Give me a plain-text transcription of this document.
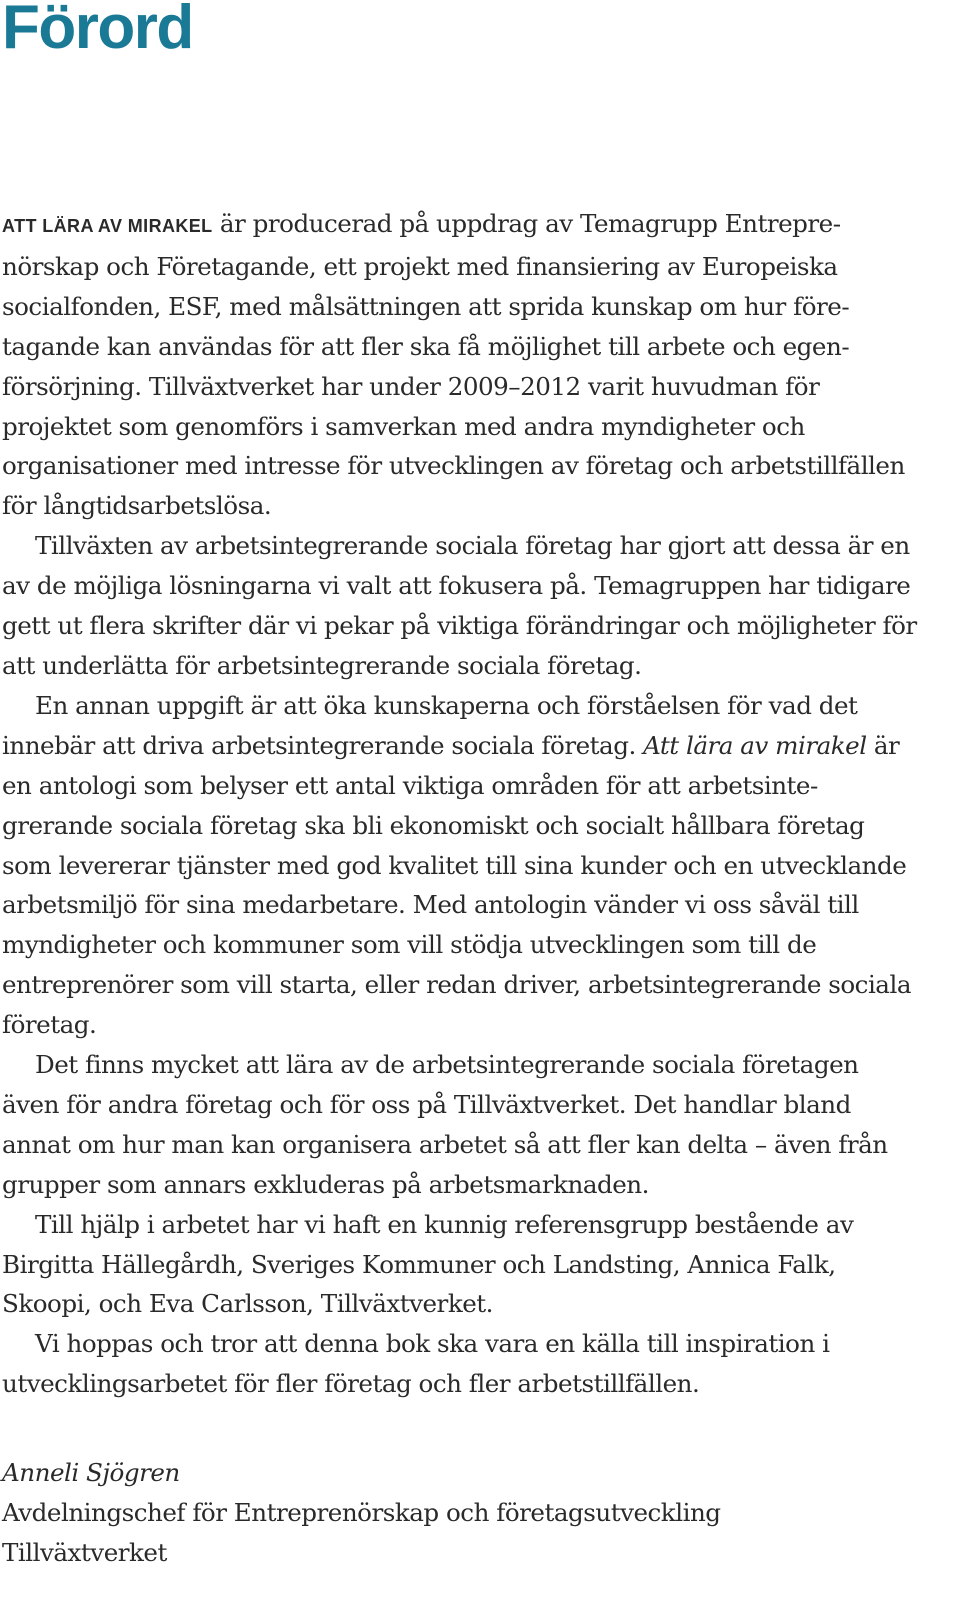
Förord

ATT LÄRA AV MIRAKEL är producerad på uppdrag av Temagrupp Entreprenörskap och Företagande, ett projekt med finansiering av Europeiska socialfonden, ESF, med målsättningen att sprida kunskap om hur företagande kan användas för att fler ska få möjlighet till arbete och egenförsörjning. Tillväxtverket har under 2009–2012 varit huvudman för projektet som genomförs i samverkan med andra myndigheter och organisationer med intresse för utvecklingen av företag och arbetstillfällen för långtidsarbetslösa.

Tillväxten av arbetsintegrerande sociala företag har gjort att dessa är en av de möjliga lösningarna vi valt att fokusera på. Temagruppen har tidigare gett ut flera skrifter där vi pekar på viktiga förändringar och möjligheter för att underlätta för arbetsintegrerande sociala företag.

En annan uppgift är att öka kunskaperna och förståelsen för vad det innebär att driva arbetsintegrerande sociala företag. Att lära av mirakel är en antologi som belyser ett antal viktiga områden för att arbetsintegrerande sociala företag ska bli ekonomiskt och socialt hållbara företag som levererar tjänster med god kvalitet till sina kunder och en utvecklande arbetsmiljö för sina medarbetare. Med antologin vänder vi oss såväl till myndigheter och kommuner som vill stödja utvecklingen som till de entreprenörer som vill starta, eller redan driver, arbetsintegrerande sociala företag.

Det finns mycket att lära av de arbetsintegrerande sociala företagen även för andra företag och för oss på Tillväxtverket. Det handlar bland annat om hur man kan organisera arbetet så att fler kan delta – även från grupper som annars exkluderas på arbetsmarknaden.

Till hjälp i arbetet har vi haft en kunnig referensgrupp bestående av Birgitta Hällegårdh, Sveriges Kommuner och Landsting, Annica Falk, Skoopi, och Eva Carlsson, Tillväxtverket.

Vi hoppas och tror att denna bok ska vara en källa till inspiration i utvecklingsarbetet för fler företag och fler arbetstillfällen.

Anneli Sjögren
Avdelningschef för Entreprenörskap och företagsutveckling
Tillväxtverket
